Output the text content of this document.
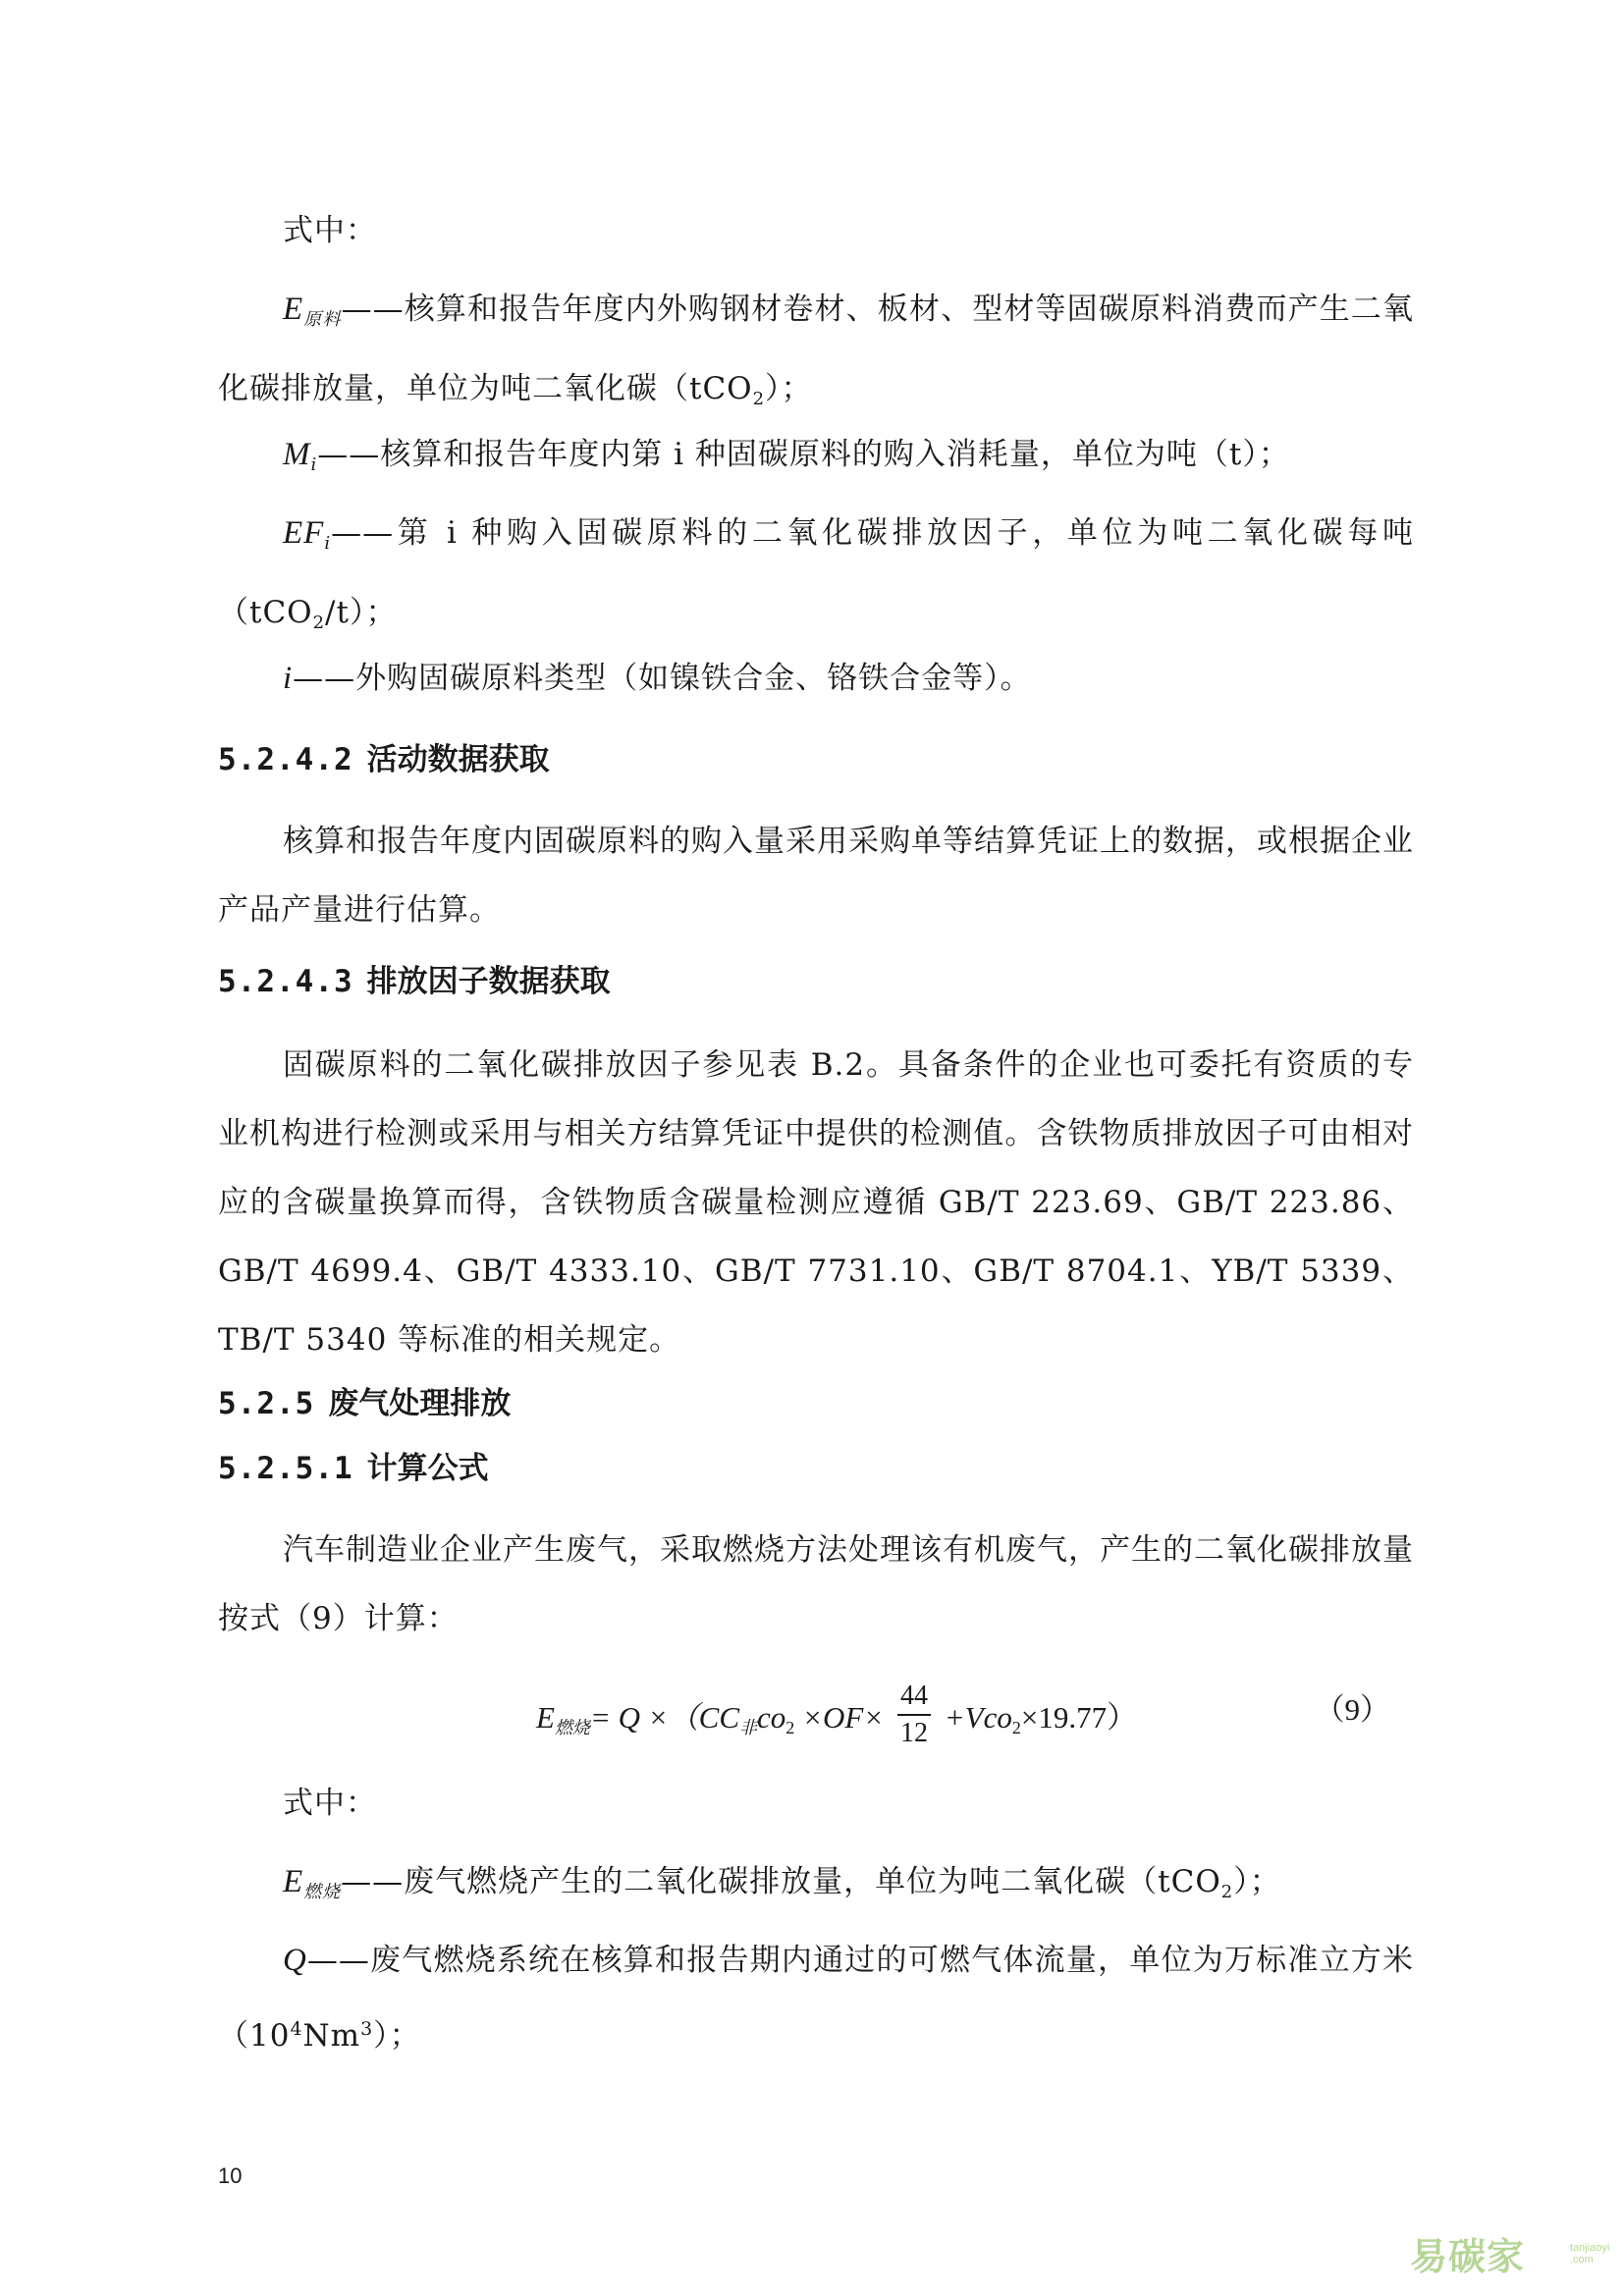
式中：
$E_{原料}——$核算和报告年度内外购钢材卷材、板材、型材等固碳原料消费而产生二氧化碳排放量，单位为吨二氧化碳（tCO$_2$）；
$M_i——$核算和报告年度内第 i 种固碳原料的购入消耗量，单位为吨（t）；
$EF_i——$第 i 种购入固碳原料的二氧化碳排放因子，单位为吨二氧化碳每吨（tCO$_2$/t）；
i——外购固碳原料类型（如镍铁合金、铬铁合金等）。
5.2.4.2 活动数据获取
核算和报告年度内固碳原料的购入量采用采购单等结算凭证上的数据，或根据企业产品产量进行估算。
5.2.4.3 排放因子数据获取
固碳原料的二氧化碳排放因子参见表 B.2。具备条件的企业也可委托有资质的专业机构进行检测或采用与相关方结算凭证中提供的检测值。含铁物质排放因子可由相对应的含碳量换算而得，含铁物质含碳量检测应遵循 GB/T 223.69、GB/T 223.86、GB/T 4699.4、GB/T 4333.10、GB/T 7731.10、GB/T 8704.1、YB/T 5339、TB/T 5340 等标准的相关规定。
5.2.5 废气处理排放
5.2.5.1 计算公式
汽车制造业企业产生废气，采取燃烧方法处理该有机废气，产生的二氧化碳排放量按式（9）计算：
$E_{燃烧}= Q \times(CC_非co_2 \times OF\times \frac{44}{12} +Vco_2\times 19.77)$	（9）
式中：
$E_{燃烧}——$废气燃烧产生的二氧化碳排放量，单位为吨二氧化碳（tCO$_2$）；
Q——废气燃烧系统在核算和报告期内通过的可燃气体流量，单位为万标准立方米$(10^4Nm^3)$；
10
易碳家	tanjiaoyi
.com
